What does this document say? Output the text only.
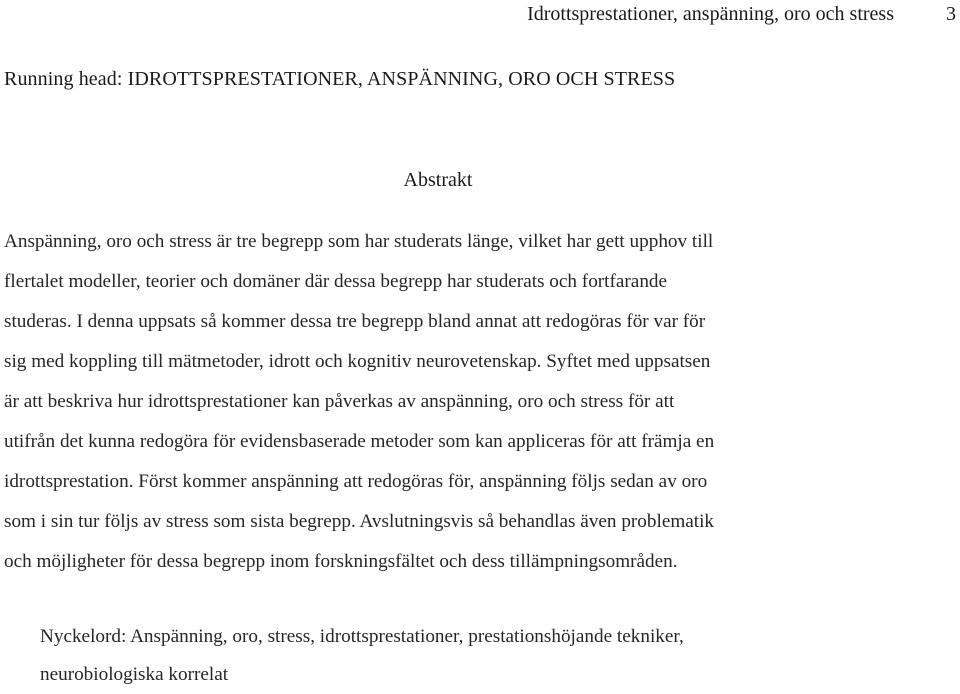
Idrottsprestationer, anspänning, oro och stress	3
Running head: IDROTTSPRESTATIONER, ANSPÄNNING, ORO OCH STRESS
Abstrakt

Anspänning, oro och stress är tre begrepp som har studerats länge, vilket har gett upphov till
flertalet modeller, teorier och domäner där dessa begrepp har studerats och fortfarande
studeras. I denna uppsats så kommer dessa tre begrepp bland annat att redogöras för var för
sig med koppling till mätmetoder, idrott och kognitiv neurovetenskap. Syftet med uppsatsen
är att beskriva hur idrottsprestationer kan påverkas av anspänning, oro och stress för att
utifrån det kunna redogöra för evidensbaserade metoder som kan appliceras för att främja en
idrottsprestation. Först kommer anspänning att redogöras för, anspänning följs sedan av oro
som i sin tur följs av stress som sista begrepp. Avslutningsvis så behandlas även problematik
och möjligheter för dessa begrepp inom forskningsfältet och dess tillämpningsområden.

Nyckelord: Anspänning, oro, stress, idrottsprestationer, prestationshöjande tekniker,
neurobiologiska korrelat
